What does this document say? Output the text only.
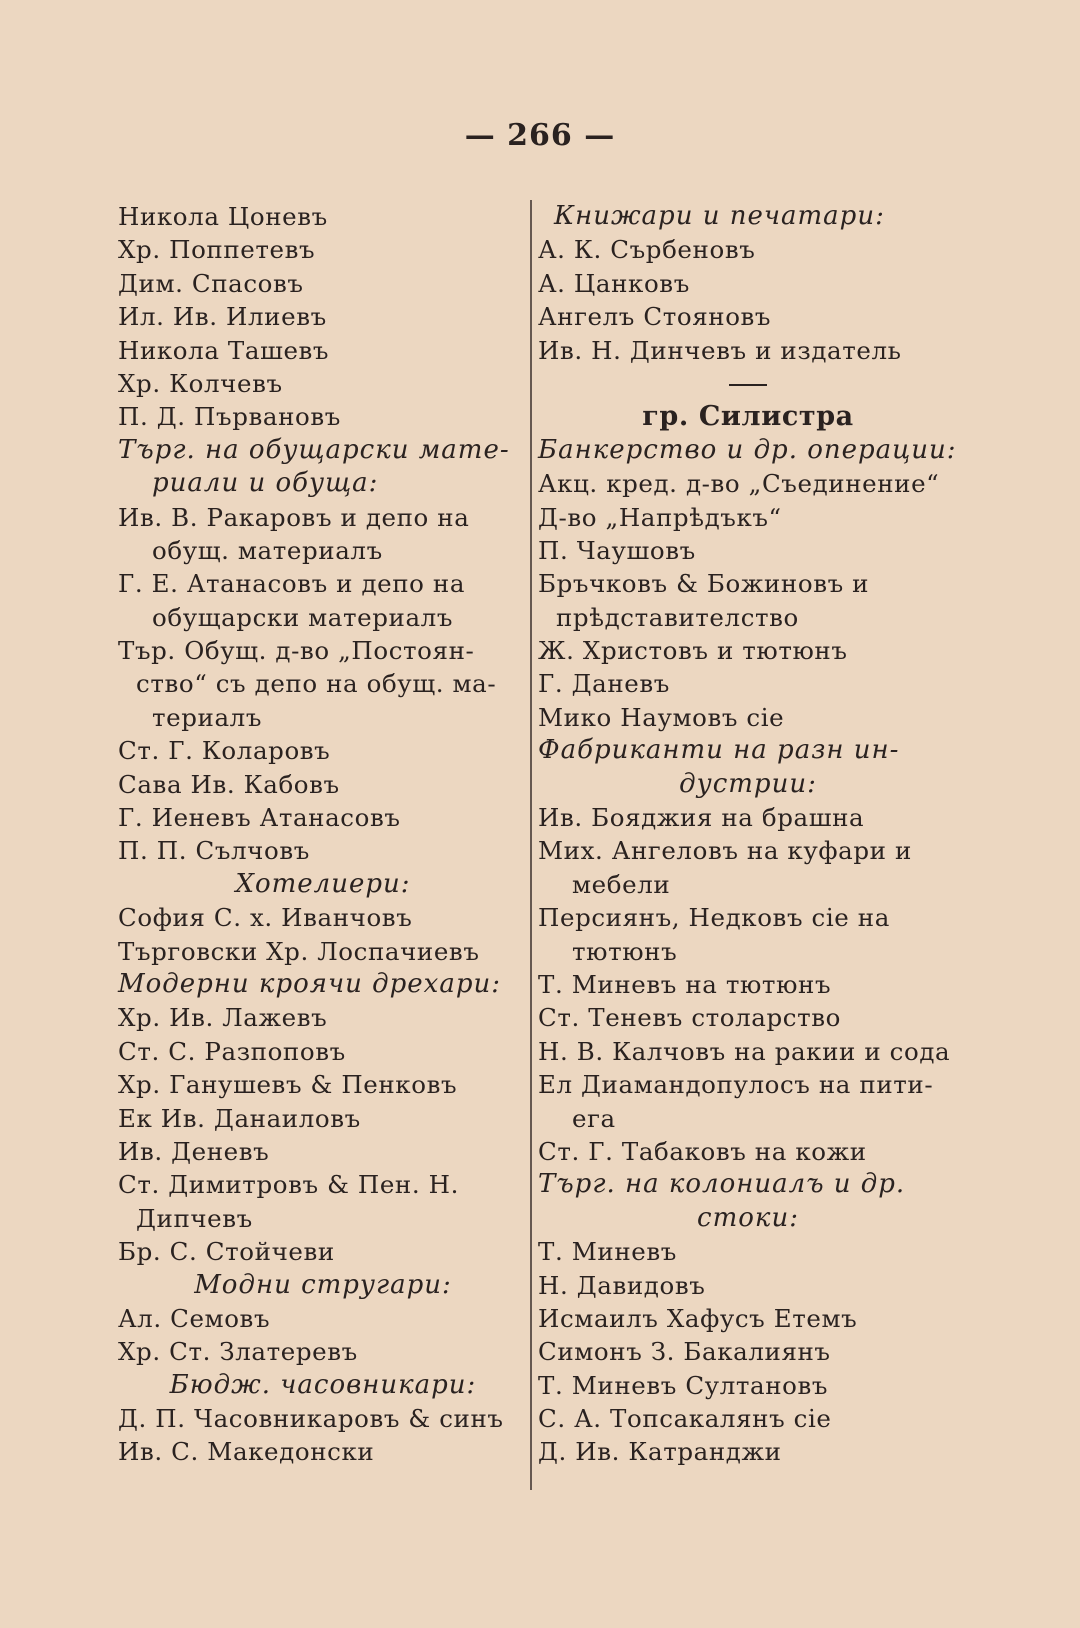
— 266 —
Никола Цоневъ
Хр. Поппетевъ
Дим. Спасовъ
Ил. Ив. Илиевъ
Никола Ташевъ
Хр. Колчевъ
П. Д. Първановъ
Търг. на обущарски мате-
риали и обуща:
Ив. В. Ракаровъ и депо на
обущ. материалъ
Г. Е. Атанасовъ и депо на
обущарски материалъ
Тър. Обущ. д-во „Постоян-
ство“ съ депо на обущ. ма-
териалъ
Ст. Г. Коларовъ
Сава Ив. Кабовъ
Г. Иеневъ Атанасовъ
П. П. Сълчовъ
Хотелиери:
София С. х. Иванчовъ
Търговски Хр. Лоспачиевъ
Модерни кроячи дрехари:
Хр. Ив. Лажевъ
Ст. С. Разпоповъ
Хр. Ганушевъ & Пенковъ
Ек Ив. Данаиловъ
Ив. Деневъ
Ст. Димитровъ & Пен. Н.
Дипчевъ
Бр. С. Стойчеви
Модни стругари:
Ал. Семовъ
Хр. Ст. Златеревъ
Бюдж. часовникари:
Д. П. Часовникаровъ & синъ
Ив. С. Македонски
Книжари и печатари:
А. К. Сърбеновъ
А. Цанковъ
Ангелъ Стояновъ
Ив. Н. Динчевъ и издатель
гр. Силистра
Банкерство и др. операции:
Акц. кред. д-во „Съединение“
Д-во „Напрѣдъкъ“
П. Чаушовъ
Бръчковъ & Божиновъ и
прѣдставителство
Ж. Христовъ и тютюнъ
Г. Даневъ
Мико Наумовъ сiе
Фабриканти на разн ин-
дустрии:
Ив. Бояджия на брашна
Мих. Ангеловъ на куфари и
мебели
Персиянъ, Недковъ сiе на
тютюнъ
Т. Миневъ на тютюнъ
Ст. Теневъ столарство
Н. В. Калчовъ на ракии и сода
Ел Диамандопулосъ на пити-
ега
Ст. Г. Табаковъ на кожи
Търг. на колониалъ и др.
стоки:
Т. Миневъ
Н. Давидовъ
Исмаилъ Хафусъ Етемъ
Симонъ З. Бакалиянъ
Т. Миневъ Султановъ
С. А. Топсакалянъ сiе
Д. Ив. Катранджи
